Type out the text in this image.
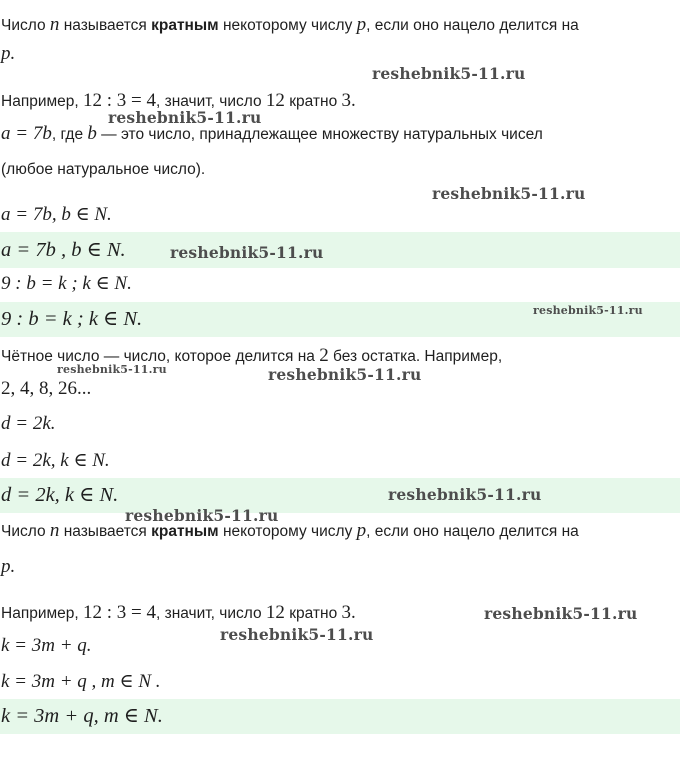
Число n называется кратным некоторому числу p, если оно нацело делится на
p.
Например, 12 : 3 = 4, значит, число 12 кратно 3.
a = 7b, где b — это число, принадлежащее множеству натуральных чисел
(любое натуральное число).
a = 7b, b ∈ N.
a = 7b , b ∈ N.
9 : b = k ; k ∈ N.
9 : b = k ; k ∈ N.
Чётное число — число, которое делится на 2 без остатка. Например,
2, 4, 8, 26...
d = 2k.
d = 2k, k ∈ N.
d = 2k, k ∈ N.
Число n называется кратным некоторому числу p, если оно нацело делится на
p.
Например, 12 : 3 = 4, значит, число 12 кратно 3.
k = 3m + q.
k = 3m + q , m ∈ N .
k = 3m + q, m ∈ N.
reshebnik5-11.ru
reshebnik5-11.ru
reshebnik5-11.ru
reshebnik5-11.ru
reshebnik5-11.ru
reshebnik5-11.ru	reshebnik5-11.ru
reshebnik5-11.ru
reshebnik5-11.ru
reshebnik5-11.ru
reshebnik5-11.ru
